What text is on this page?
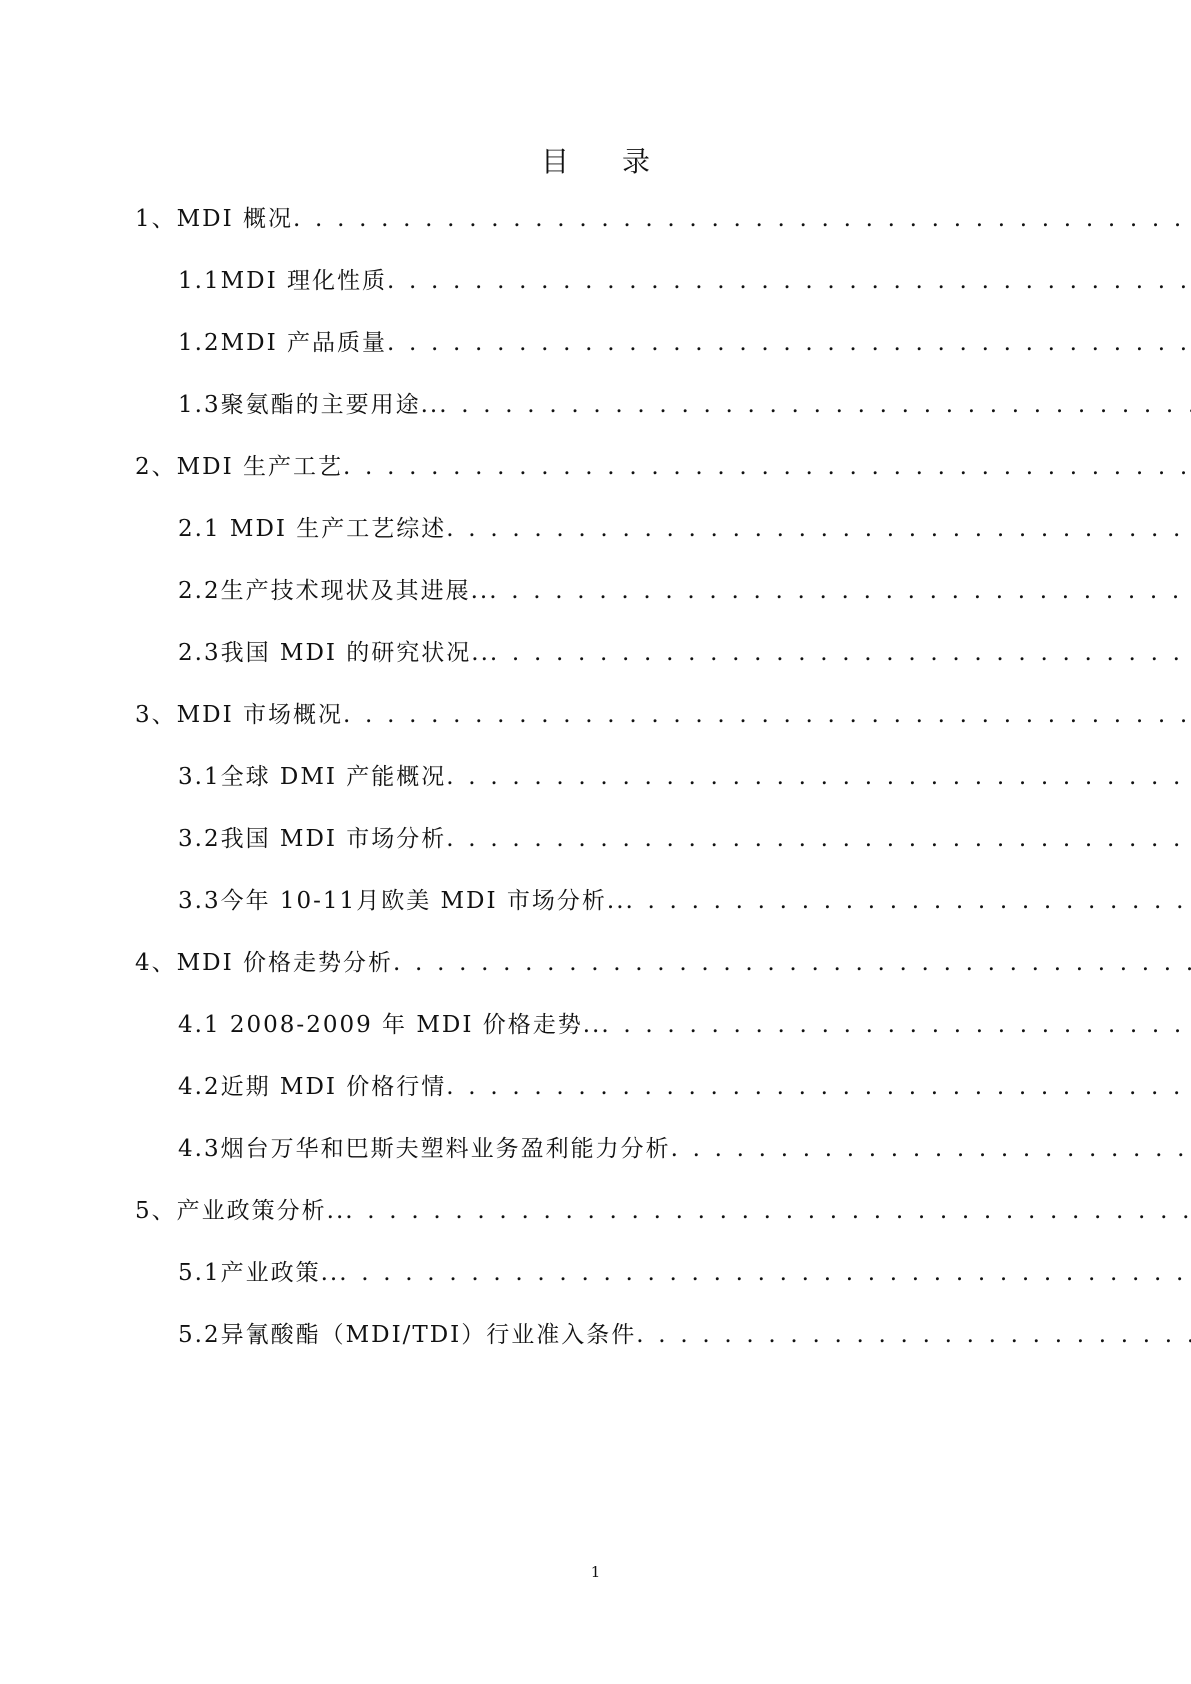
目 录
1、MDI 概况
. . .
1.1MDI 理化性质
. . .
1.2MDI 产品质量
. . .
1.3聚氨酯的主要用途..
. . .
2、MDI 生产工艺
. . .
2.1 MDI 生产工艺综述
. . .
2.2生产技术现状及其进展..
. . .
2.3我国 MDI 的研究状况..
. . .
3、MDI 市场概况
. . .
3.1全球 DMI 产能概况
. . .
3.2我国 MDI 市场分析
. . .
3.3今年 10-11月欧美 MDI 市场分析..
. . .
4、MDI 价格走势分析
. . .
4.1 2008-2009 年 MDI 价格走势..
. . .
4.2近期 MDI 价格行情
. . .
4.3烟台万华和巴斯夫塑料业务盈利能力分析
. . .
5、产业政策分析..
. . .
5.1产业政策..
. . .
5.2异氰酸酯（MDI/TDI）行业准入条件
. . .
1
